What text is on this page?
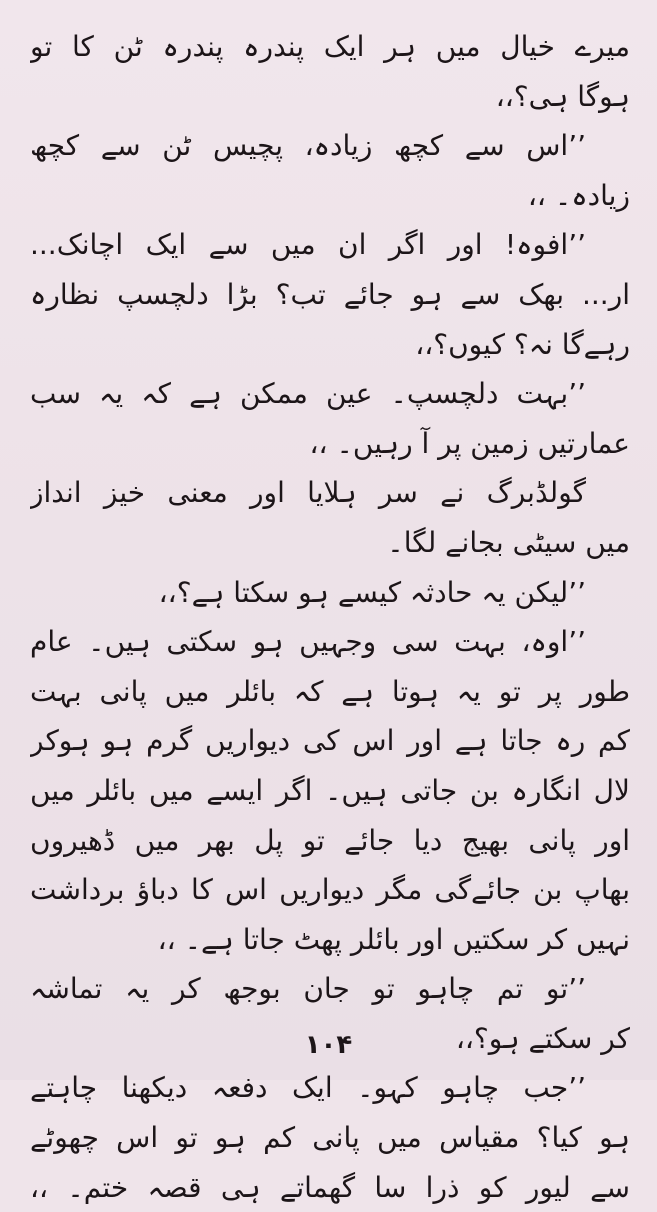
میرے خیال میں ہر ایک پندرہ پندرہ ٹن کا تو
ہوگا ہی؟،،
’’اس سے کچھ زیادہ، پچیس ٹن سے کچھ
زیادہ۔ ،،
’’افوہ! اور اگر ان میں سے ایک اچانک...
ار... بھک سے ہو جائے تب؟ بڑا دلچسپ نظارہ
رہےگا نہ؟ کیوں؟،،
’’بہت دلچسپ۔ عین ممکن ہے کہ یہ سب
عمارتیں زمین پر آ رہیں۔ ،،
گولڈبرگ نے سر ہلایا اور معنی خیز انداز
میں سیٹی بجانے لگا۔
’’لیکن یہ حادثہ کیسے ہو سکتا ہے؟،،
’’اوہ، بہت سی وجہیں ہو سکتی ہیں۔ عام
طور پر تو یہ ہوتا ہے کہ بائلر میں پانی بہت
کم رہ جاتا ہے اور اس کی دیواریں گرم ہو ہوکر
لال انگارہ بن جاتی ہیں۔ اگر ایسے میں بائلر میں
اور پانی بھیج دیا جائے تو پل بھر میں ڈھیروں
بھاپ بن جائےگی مگر دیواریں اس کا دباؤ برداشت
نہیں کر سکتیں اور بائلر پھٹ جاتا ہے۔ ،،
’’تو تم چاہو تو جان بوجھ کر یہ تماشہ
کر سکتے ہو؟،،
’’جب چاہو کہو۔ ایک دفعہ دیکھنا چاہتے
ہو کیا؟ مقیاس میں پانی کم ہو تو اس چھوٹے
سے لیور کو ذرا سا گھماتے ہی قصہ ختم۔ ،،
۱۰۴
